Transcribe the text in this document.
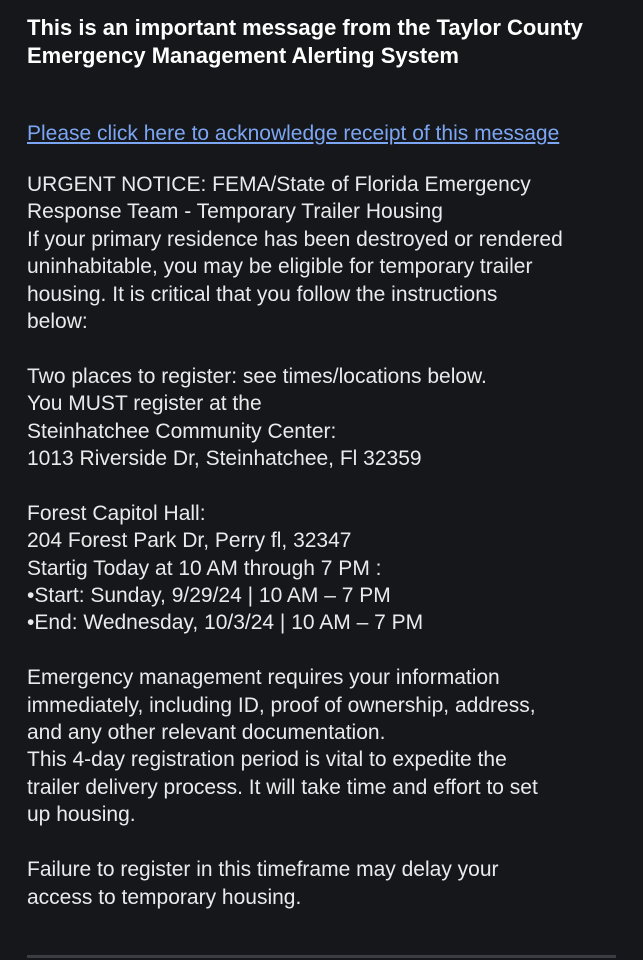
This is an important message from the Taylor County Emergency Management Alerting System
Please click here to acknowledge receipt of this message

URGENT NOTICE: FEMA/State of Florida Emergency
Response Team - Temporary Trailer Housing
If your primary residence has been destroyed or rendered
uninhabitable, you may be eligible for temporary trailer
housing. It is critical that you follow the instructions
below:

Two places to register: see times/locations below.
You MUST register at the
Steinhatchee Community Center:
1013 Riverside Dr, Steinhatchee, Fl 32359

Forest Capitol Hall:
204 Forest Park Dr, Perry fl, 32347
Startig Today at 10 AM through 7 PM :
•Start: Sunday, 9/29/24 | 10 AM – 7 PM
•End: Wednesday, 10/3/24 | 10 AM – 7 PM

Emergency management requires your information
immediately, including ID, proof of ownership, address,
and any other relevant documentation.
This 4-day registration period is vital to expedite the
trailer delivery process. It will take time and effort to set
up housing.

Failure to register in this timeframe may delay your
access to temporary housing.
